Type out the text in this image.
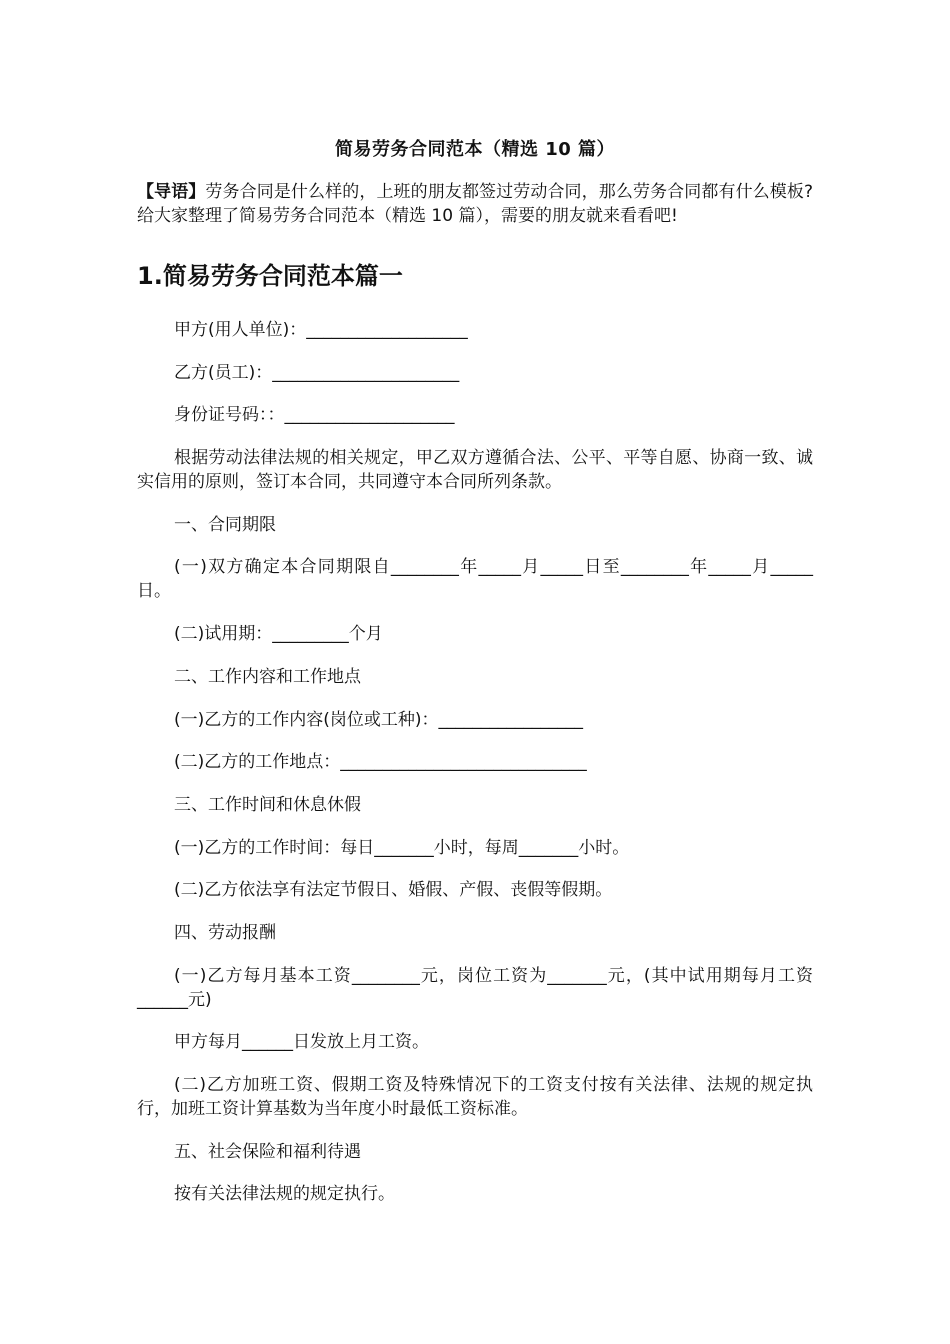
简易劳务合同范本（精选 10 篇）
【导语】劳务合同是什么样的，上班的朋友都签过劳动合同，那么劳务合同都有什么模板?给大家整理了简易劳务合同范本（精选 10 篇），需要的朋友就来看看吧!
1.简易劳务合同范本篇一

甲方(用人单位)：___________________

乙方(员工)：______________________

身份证号码：：____________________

根据劳动法律法规的相关规定，甲乙双方遵循合法、公平、平等自愿、协商一致、诚实信用的原则，签订本合同，共同遵守本合同所列条款。

一、合同期限

(一)双方确定本合同期限自________年_____月_____日至________年_____月_____日。

(二)试用期：_________个月

二、工作内容和工作地点

(一)乙方的工作内容(岗位或工种)：_________________

(二)乙方的工作地点：_____________________________

三、工作时间和休息休假

(一)乙方的工作时间：每日_______小时，每周_______小时。

(二)乙方依法享有法定节假日、婚假、产假、丧假等假期。

四、劳动报酬

(一)乙方每月基本工资________元，岗位工资为_______元，(其中试用期每月工资______元)

甲方每月______日发放上月工资。

(二)乙方加班工资、假期工资及特殊情况下的工资支付按有关法律、法规的规定执行，加班工资计算基数为当年度小时最低工资标准。

五、社会保险和福利待遇

按有关法律法规的规定执行。
